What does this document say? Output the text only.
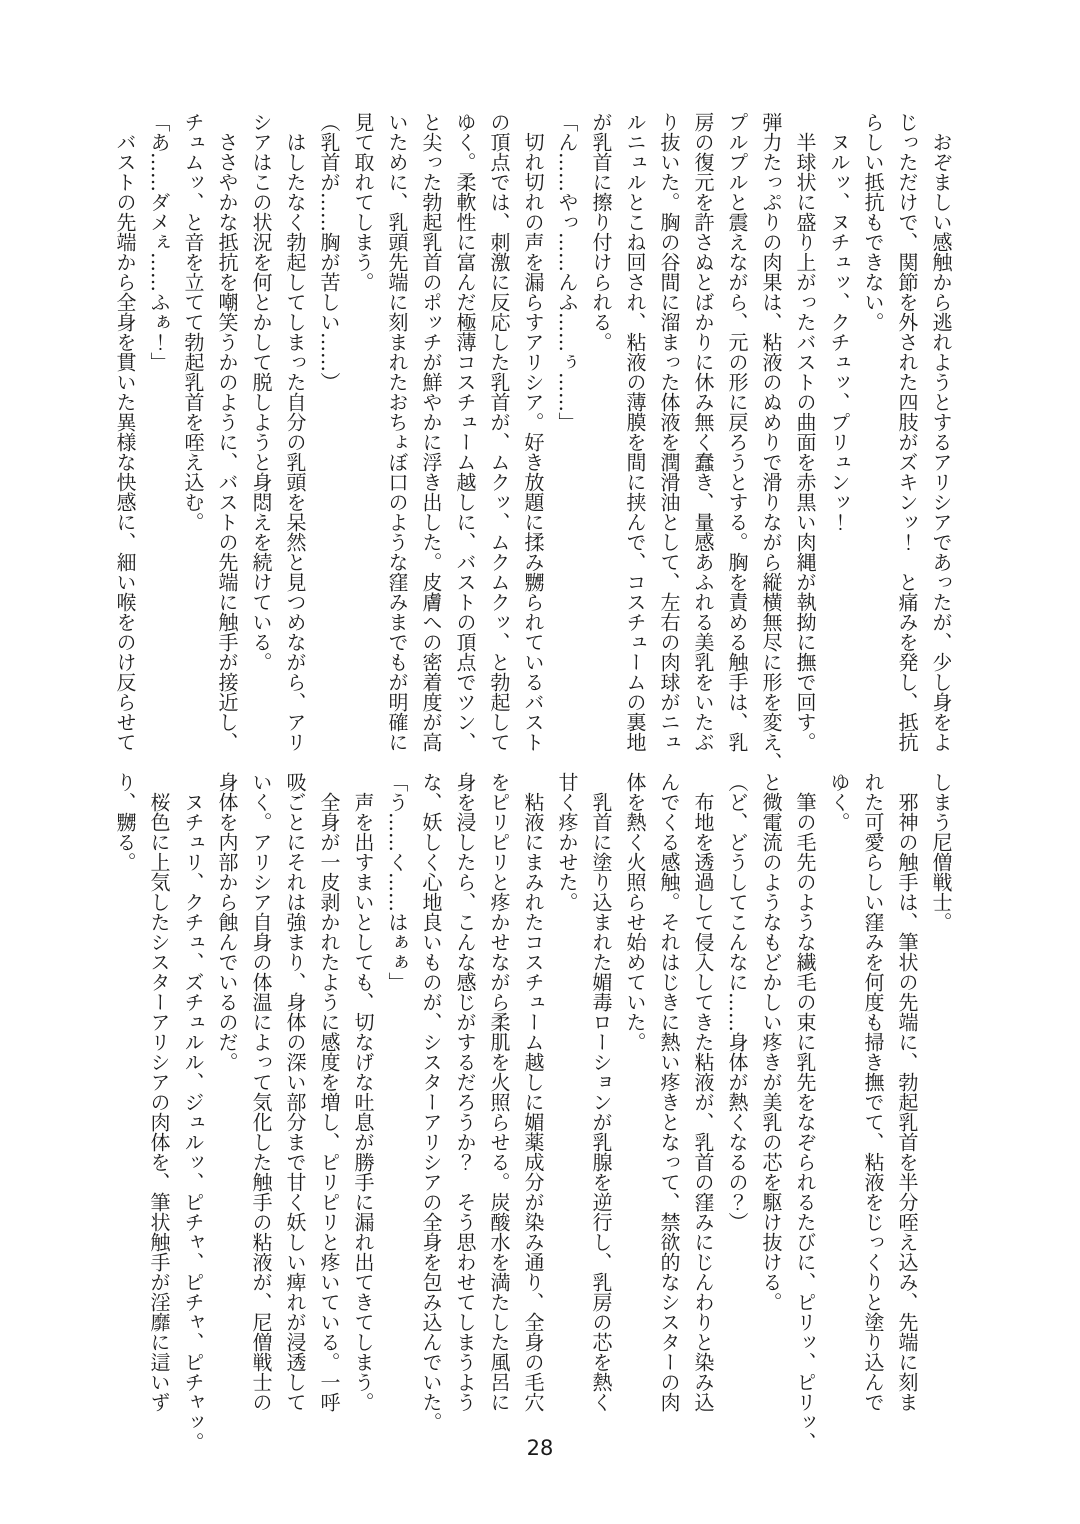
　おぞましい感触から逃れようとするアリシアであったが、少し身をよ

じっただけで、関節を外された四肢がズキンッ！　と痛みを発し、抵抗

らしい抵抗もできない。

　ヌルッ、ヌチュッ、クチュッ、プリュンッ！

　半球状に盛り上がったバストの曲面を赤黒い肉縄が執拗に撫で回す。

弾力たっぷりの肉果は、粘液のぬめりで滑りながら縦横無尽に形を変え、

プルプルと震えながら、元の形に戻ろうとする。胸を責める触手は、乳

房の復元を許さぬとばかりに休み無く蠢き、量感あふれる美乳をいたぶ

り抜いた。胸の谷間に溜まった体液を潤滑油として、左右の肉球がニュ

ルニュルとこね回され、粘液の薄膜を間に挟んで、コスチュームの裏地

が乳首に擦り付けられる。

「ん……やっ……んふ……ぅ……」

　切れ切れの声を漏らすアリシア。好き放題に揉み嬲られているバスト

の頂点では、刺激に反応した乳首が、ムクッ、ムクムクッ、と勃起して

ゆく。柔軟性に富んだ極薄コスチューム越しに、バストの頂点でツン、

と尖った勃起乳首のポッチが鮮やかに浮き出した。皮膚への密着度が高

いために、乳頭先端に刻まれたおちょぼ口のような窪みまでもが明確に

見て取れてしまう。

（乳首が……胸が苦しい……）

　はしたなく勃起してしまった自分の乳頭を呆然と見つめながら、アリ

シアはこの状況を何とかして脱しようと身悶えを続けている。

　ささやかな抵抗を嘲笑うかのように、バストの先端に触手が接近し、

チュムッ、と音を立てて勃起乳首を咥え込む。

「あ……ダメぇ……ふぁ！」

　バストの先端から全身を貫いた異様な快感に、細い喉をのけ反らせて

しまう尼僧戦士。

　邪神の触手は、筆状の先端に、勃起乳首を半分咥え込み、先端に刻ま

れた可愛らしい窪みを何度も掃き撫でて、粘液をじっくりと塗り込んで

ゆく。

　筆の毛先のような繊毛の束に乳先をなぞられるたびに、ピリッ、ピリッ、

と微電流のようなもどかしい疼きが美乳の芯を駆け抜ける。

（ど、どうしてこんなに……身体が熱くなるの？）

　布地を透過して侵入してきた粘液が、乳首の窪みにじんわりと染み込

んでくる感触。それはじきに熱い疼きとなって、禁欲的なシスターの肉

体を熱く火照らせ始めていた。

　乳首に塗り込まれた媚毒ローションが乳腺を逆行し、乳房の芯を熱く

甘く疼かせた。

　粘液にまみれたコスチューム越しに媚薬成分が染み通り、全身の毛穴

をピリピリと疼かせながら柔肌を火照らせる。炭酸水を満たした風呂に

身を浸したら、こんな感じがするだろうか？　そう思わせてしまうよう

な、妖しく心地良いものが、シスターアリシアの全身を包み込んでいた。

「う……く……はぁぁ」

　声を出すまいとしても、切なげな吐息が勝手に漏れ出てきてしまう。

　全身が一皮剥かれたように感度を増し、ピリピリと疼いている。一呼

吸ごとにそれは強まり、身体の深い部分まで甘く妖しい痺れが浸透して

いく。アリシア自身の体温によって気化した触手の粘液が、尼僧戦士の

身体を内部から蝕んでいるのだ。

　ヌチュリ、クチュ、ズチュルル、ジュルッ、ピチャ、ピチャ、ピチャッ。

　桜色に上気したシスターアリシアの肉体を、筆状触手が淫靡に這いず

り、嬲る。

28
